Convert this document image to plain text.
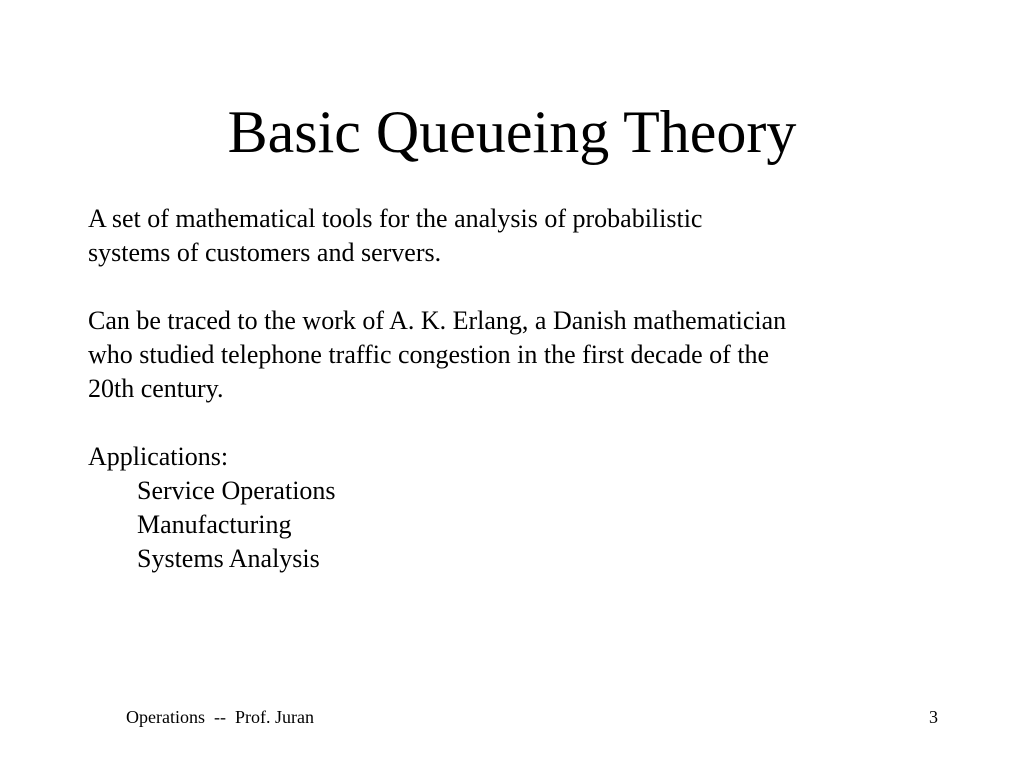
Basic Queueing Theory

A set of mathematical tools for the analysis of probabilistic
systems of customers and servers.

Can be traced to the work of A. K. Erlang, a Danish mathematician
who studied telephone traffic congestion in the first decade of the
20th century.

Applications:
Service Operations
Manufacturing
Systems Analysis
Operations  --  Prof. Juran	3
